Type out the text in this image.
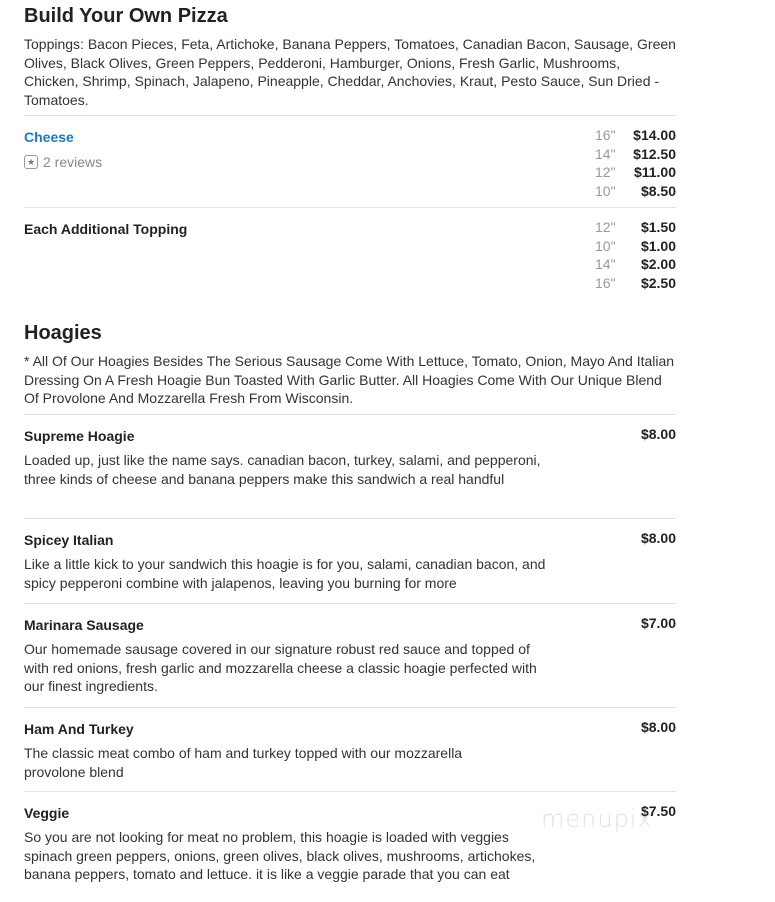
Build Your Own Pizza

Toppings: Bacon Pieces, Feta, Artichoke, Banana Peppers, Tomatoes, Canadian Bacon, Sausage, Green Olives, Black Olives, Green Peppers, Pedderoni, Hamburger, Onions, Fresh Garlic, Mushrooms, Chicken, Shrimp, Spinach, Jalapeno, Pineapple, Cheddar, Anchovies, Kraut, Pesto Sauce, Sun Dried - Tomatoes.

Cheese
★ 2 reviews
16"	$14.00
14"	$12.50
12"	$11.00
10"	$8.50
Each Additional Topping	12"	$1.50
10"	$1.00
14"	$2.00
16"	$2.50
Hoagies

* All Of Our Hoagies Besides The Serious Sausage Come With Lettuce, Tomato, Onion, Mayo And Italian Dressing On A Fresh Hoagie Bun Toasted With Garlic Butter. All Hoagies Come With Our Unique Blend Of Provolone And Mozzarella Fresh From Wisconsin.

Supreme Hoagie	$8.00

Loaded up, just like the name says. canadian bacon, turkey, salami, and pepperoni, three kinds of cheese and banana peppers make this sandwich a real handful

Spicey Italian	$8.00

Like a little kick to your sandwich this hoagie is for you, salami, canadian bacon, and spicy pepperoni combine with jalapenos, leaving you burning for more

Marinara Sausage	$7.00

Our homemade sausage covered in our signature robust red sauce and topped of with red onions, fresh garlic and mozzarella cheese a classic hoagie perfected with our finest ingredients.

Ham And Turkey	$8.00

The classic meat combo of ham and turkey topped with our mozzarella provolone blend

Veggie	$7.50

So you are not looking for meat no problem, this hoagie is loaded with veggies spinach green peppers, onions, green olives, black olives, mushrooms, artichokes, banana peppers, tomato and lettuce. it is like a veggie parade that you can eat

menupix
